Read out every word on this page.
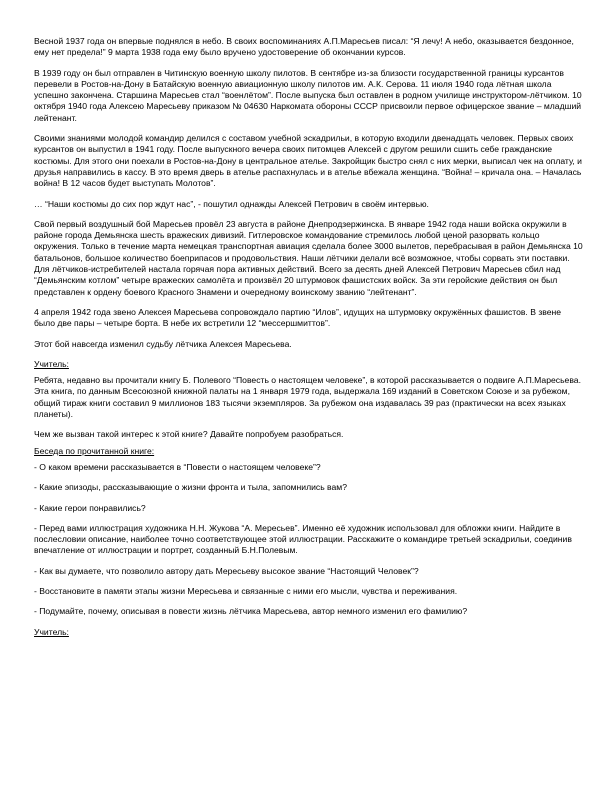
Весной 1937 года он впервые поднялся в небо. В своих воспоминаниях А.П.Маресьев писал: “Я лечу! А небо, оказывается бездонное, ему нет предела!” 9 марта 1938 года ему было вручено удостоверение об окончании курсов.

В 1939 году он был отправлен в Читинскую военную школу пилотов. В сентябре из-за близости государственной границы курсантов перевели в Ростов-на-Дону в Батайскую военную авиационную школу пилотов им. А.К. Серова. 11 июля 1940 года лётная школа успешно закончена. Старшина Маресьев стал “военлётом”. После выпуска был оставлен в родном училище инструктором-лётчиком. 10 октября 1940 года Алексею Маресьеву приказом № 04630 Наркомата обороны СССР присвоили первое офицерское звание – младший лейтенант.

Своими знаниями молодой командир делился с составом учебной эскадрильи, в которую входили двенадцать человек. Первых своих курсантов он выпустил в 1941 году. После выпускного вечера своих питомцев Алексей с другом решили сшить себе гражданские костюмы. Для этого они поехали в Ростов-на-Дону в центральное ателье. Закройщик быстро снял с них мерки, выписал чек на оплату, и друзья направились в кассу. В это время дверь в ателье распахнулась и в ателье вбежала женщина. “Война! – кричала она. – Началась война! В 12 часов будет выступать Молотов”.

… “Наши костюмы до сих пор ждут нас”, - пошутил однажды Алексей Петрович в своём интервью.

Свой первый воздушный бой Маресьев провёл 23 августа в районе Днепродзержинска. В январе 1942 года наши войска окружили в районе города Демьянска шесть вражеских дивизий. Гитлеровское командование стремилось любой ценой разорвать кольцо окружения. Только в течение марта немецкая транспортная авиация сделала более 3000 вылетов, перебрасывая в район Демьянска 10 батальонов, большое количество боеприпасов и продовольствия. Наши лётчики делали всё возможное, чтобы сорвать эти поставки. Для лётчиков-истребителей настала горячая пора активных действий. Всего за десять дней Алексей Петрович Маресьев сбил над “Демьянским котлом” четыре вражеских самолёта и произвёл 20 штурмовок фашистских войск. За эти геройские действия он был представлен к ордену боевого Красного Знамени и очередному воинскому званию “лейтенант”.

4 апреля 1942 года звено Алексея Маресьева сопровождало партию “Илов”, идущих на штурмовку окружённых фашистов. В звене было две пары – четыре борта. В небе их встретили 12 “мессершмиттов”.

Этот бой навсегда изменил судьбу лётчика Алексея Маресьева.

Учитель:

Ребята, недавно вы прочитали книгу Б. Полевого “Повесть о настоящем человеке”, в которой рассказывается о подвиге А.П.Маресьева. Эта книга, по данным Всесоюзной книжной палаты на 1 января 1979 года, выдержала 169 изданий в Советском Союзе и за рубежом, общий тираж книги составил 9 миллионов 183 тысячи экземпляров. За рубежом она издавалась 39 раз (практически на всех языках планеты).

Чем же вызван такой интерес к этой книге? Давайте попробуем разобраться.

Беседа по прочитанной книге:

- О каком времени рассказывается в “Повести о настоящем человеке”?

- Какие эпизоды, рассказывающие о жизни фронта и тыла, запомнились вам?

- Какие герои понравились?

- Перед вами иллюстрация художника Н.Н. Жукова “А. Мересьев”. Именно её художник использовал для обложки книги. Найдите в послесловии описание, наиболее точно соответствующее этой иллюстрации. Расскажите о командире третьей эскадрильи, соединив впечатление от иллюстрации и портрет, созданный Б.Н.Полевым.

- Как вы думаете, что позволило автору дать Мересьеву высокое звание “Настоящий Человек”?

- Восстановите в памяти этапы жизни Мересьева и связанные с ними его мысли, чувства и переживания.

- Подумайте, почему, описывая в повести жизнь лётчика Маресьева, автор немного изменил его фамилию?

Учитель:
